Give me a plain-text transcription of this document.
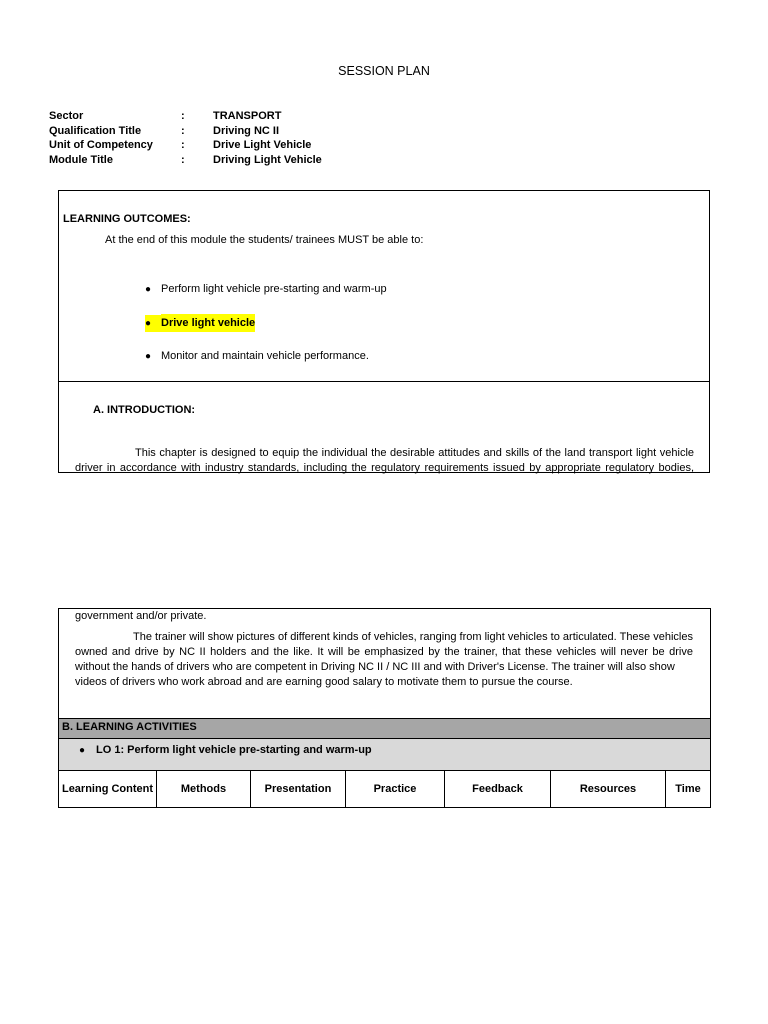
SESSION PLAN
Sector	:	TRANSPORT
Qualification Title	:	Driving NC II
Unit of Competency	:	Drive Light Vehicle
Module Title	:	Driving Light Vehicle
LEARNING OUTCOMES:
At the end of this module the students/ trainees MUST be able to:
● Perform light vehicle pre-starting and warm-up
● Drive light vehicle
● Monitor and maintain vehicle performance.
A. INTRODUCTION:
This chapter is designed to equip the individual the desirable attitudes and skills of the land transport light vehicle
driver in accordance with industry standards, including the regulatory requirements issued by appropriate regulatory bodies,
government and/or private.
The trainer will show pictures of different kinds of vehicles, ranging from light vehicles to articulated. These vehicles owned and drive by NC II holders and the like. It will be emphasized by the trainer, that these vehicles will never be drive without the hands of drivers who are competent in Driving NC II / NC III and with Driver's License. The trainer will also show
videos of drivers who work abroad and are earning good salary to motivate them to pursue the course.
B. LEARNING ACTIVITIES
● LO 1: Perform light vehicle pre-starting and warm-up
Learning Content	Methods	Presentation	Practice	Feedback	Resources	Time
